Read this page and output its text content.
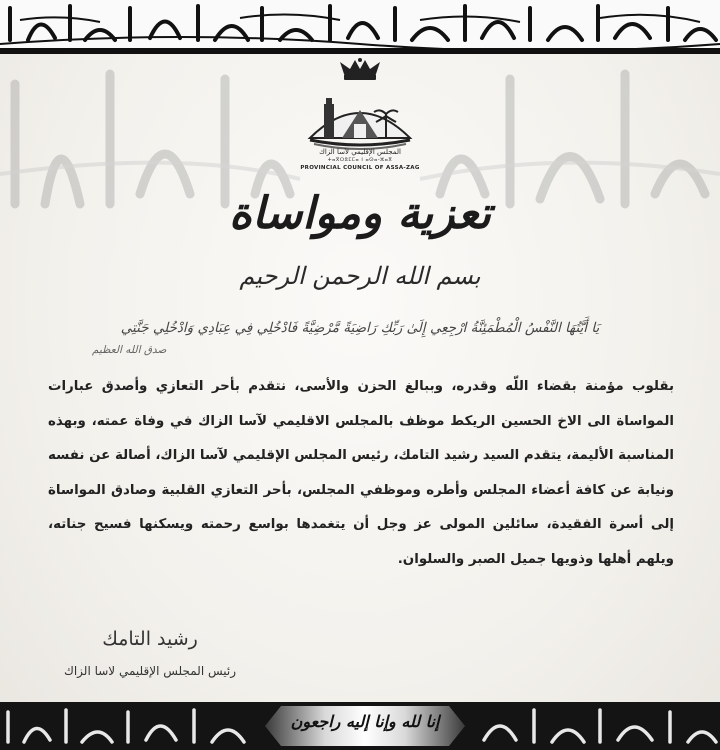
المجلس الإقليمي لآسا الزاك
ⵜⴰⴳⵔⵓⵎⵎⴰ ⵏ ⴰⵙⴰ-ⵣⴰⴳ
PROVINCIAL COUNCIL OF ASSA-ZAG
تعزية ومواساة
بسم الله الرحمن الرحيم
يَا أَيَّتُهَا النَّفْسُ الْمُطْمَئِنَّةُ ارْجِعِي إِلَىٰ رَبِّكِ رَاضِيَةً مَّرْضِيَّةً فَادْخُلِي فِي عِبَادِي وَادْخُلِي جَنَّتِي
صدق الله العظيم
بقلوب مؤمنة بقضاء اللّه وقدره، وببالغ الحزن والأسى، نتقدم بأحر التعازي وأصدق عبارات المواساة الى الاخ الحسين الريكط موظف بالمجلس الاقليمي لآسا الزاك في وفاة عمته، وبهذه المناسبة الأليمة، يتقدم السيد رشيد التامك، رئيس المجلس الإقليمي لآسا الزاك، أصالة عن نفسه ونيابة عن كافة أعضاء المجلس وأطره وموظفي المجلس، بأحر التعازي القلبية وصادق المواساة إلى أسرة الفقيدة، سائلين المولى عز وجل أن يتغمدها بواسع رحمته ويسكنها فسيح جناته، ويلهم أهلها وذويها جميل الصبر والسلوان.
رشيد التامك
رئيس المجلس الإقليمي لاسا الزاك
إنا لله وإنا إليه راجعون
